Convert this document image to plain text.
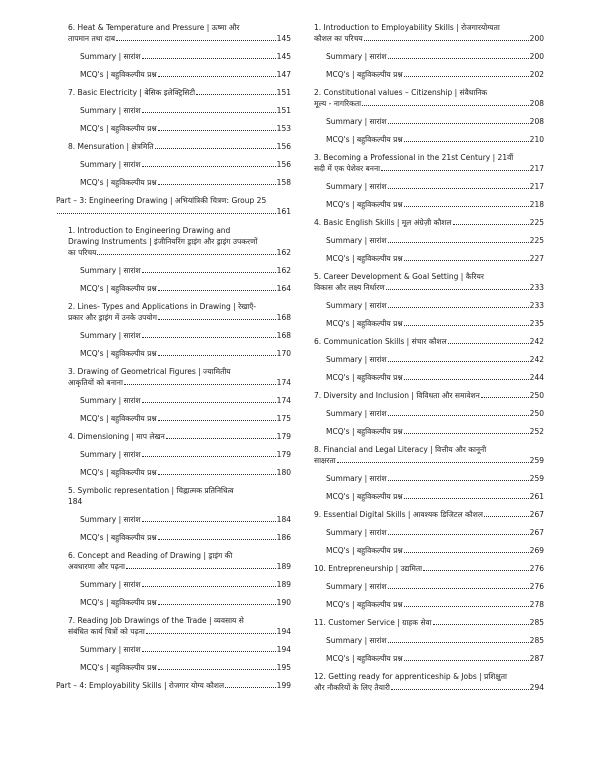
6. Heat & Temperature and Pressure | ऊष्मा और
तापमान तथा दाब	145
Summary | सारांश	145
MCQ's | बहुविकल्पीय प्रश्न	147
7. Basic Electricity | बेसिक इलेक्ट्रिसिटी	151
Summary | सारांश	151
MCQ's | बहुविकल्पीय प्रश्न	153
8. Mensuration | क्षेत्रमिति	156
Summary | सारांश	156
MCQ's | बहुविकल्पीय प्रश्न	158
Part – 3: Engineering Drawing | अभियांत्रिकी चित्रण: Group 25
161
1. Introduction to Engineering Drawing and
Drawing Instruments | इंजीनियरिंग ड्राइंग और ड्राइंग उपकरणों
का परिचय	162
Summary | सारांश	162
MCQ's | बहुविकल्पीय प्रश्न	164
2. Lines- Types and Applications in Drawing | रेखाएँ-
प्रकार और ड्राइंग में उनके उपयोग	168
Summary | सारांश	168
MCQ's | बहुविकल्पीय प्रश्न	170
3. Drawing of Geometrical Figures | ज्यामितीय
आकृतियों को बनाना	174
Summary | सारांश	174
MCQ's | बहुविकल्पीय प्रश्न	175
4. Dimensioning | माप लेखन	179
Summary | सारांश	179
MCQ's | बहुविकल्पीय प्रश्न	180
5. Symbolic representation | चिह्नात्मक प्रतिनिधित्व
184
Summary | सारांश	184
MCQ's | बहुविकल्पीय प्रश्न	186
6. Concept and Reading of Drawing | ड्राइंग की
अवधारणा और पढ़ना	189
Summary | सारांश	189
MCQ's | बहुविकल्पीय प्रश्न	190
7. Reading Job Drawings of the Trade | व्यवसाय से
संबंधित कार्य चित्रों को पढ़ना	194
Summary | सारांश	194
MCQ's | बहुविकल्पीय प्रश्न	195
Part – 4: Employability Skills | रोजगार योग्य कौशल	199
1. Introduction to Employability Skills | रोजगारयोग्यता
कौशल का परिचय	200
Summary | सारांश	200
MCQ's | बहुविकल्पीय प्रश्न	202
2. Constitutional values – Citizenship | संवैधानिक
मूल्य - नागरिकता	208
Summary | सारांश	208
MCQ's | बहुविकल्पीय प्रश्न	210
3. Becoming a Professional in the 21st Century | 21वीं
सदी में एक पेशेवर बनना	217
Summary | सारांश	217
MCQ's | बहुविकल्पीय प्रश्न	218
4. Basic English Skills | मूल अंग्रेज़ी कौशल	225
Summary | सारांश	225
MCQ's | बहुविकल्पीय प्रश्न	227
5. Career Development & Goal Setting | कैरियर
विकास और लक्ष्य निर्धारण	233
Summary | सारांश	233
MCQ's | बहुविकल्पीय प्रश्न	235
6. Communication Skills | संचार कौशल	242
Summary | सारांश	242
MCQ's | बहुविकल्पीय प्रश्न	244
7. Diversity and Inclusion | विविधता और समावेशन	250
Summary | सारांश	250
MCQ's | बहुविकल्पीय प्रश्न	252
8. Financial and Legal Literacy | वित्तीय और कानूनी
साक्षरता	259
Summary | सारांश	259
MCQ's | बहुविकल्पीय प्रश्न	261
9. Essential Digital Skills | आवश्यक डिजिटल कौशल	267
Summary | सारांश	267
MCQ's | बहुविकल्पीय प्रश्न	269
10. Entrepreneurship | उद्यमिता	276
Summary | सारांश	276
MCQ's | बहुविकल्पीय प्रश्न	278
11. Customer Service | ग्राहक सेवा	285
Summary | सारांश	285
MCQ's | बहुविकल्पीय प्रश्न	287
12. Getting ready for apprenticeship & Jobs | प्रशिक्षुता
और नौकरियों के लिए तैयारी	294
